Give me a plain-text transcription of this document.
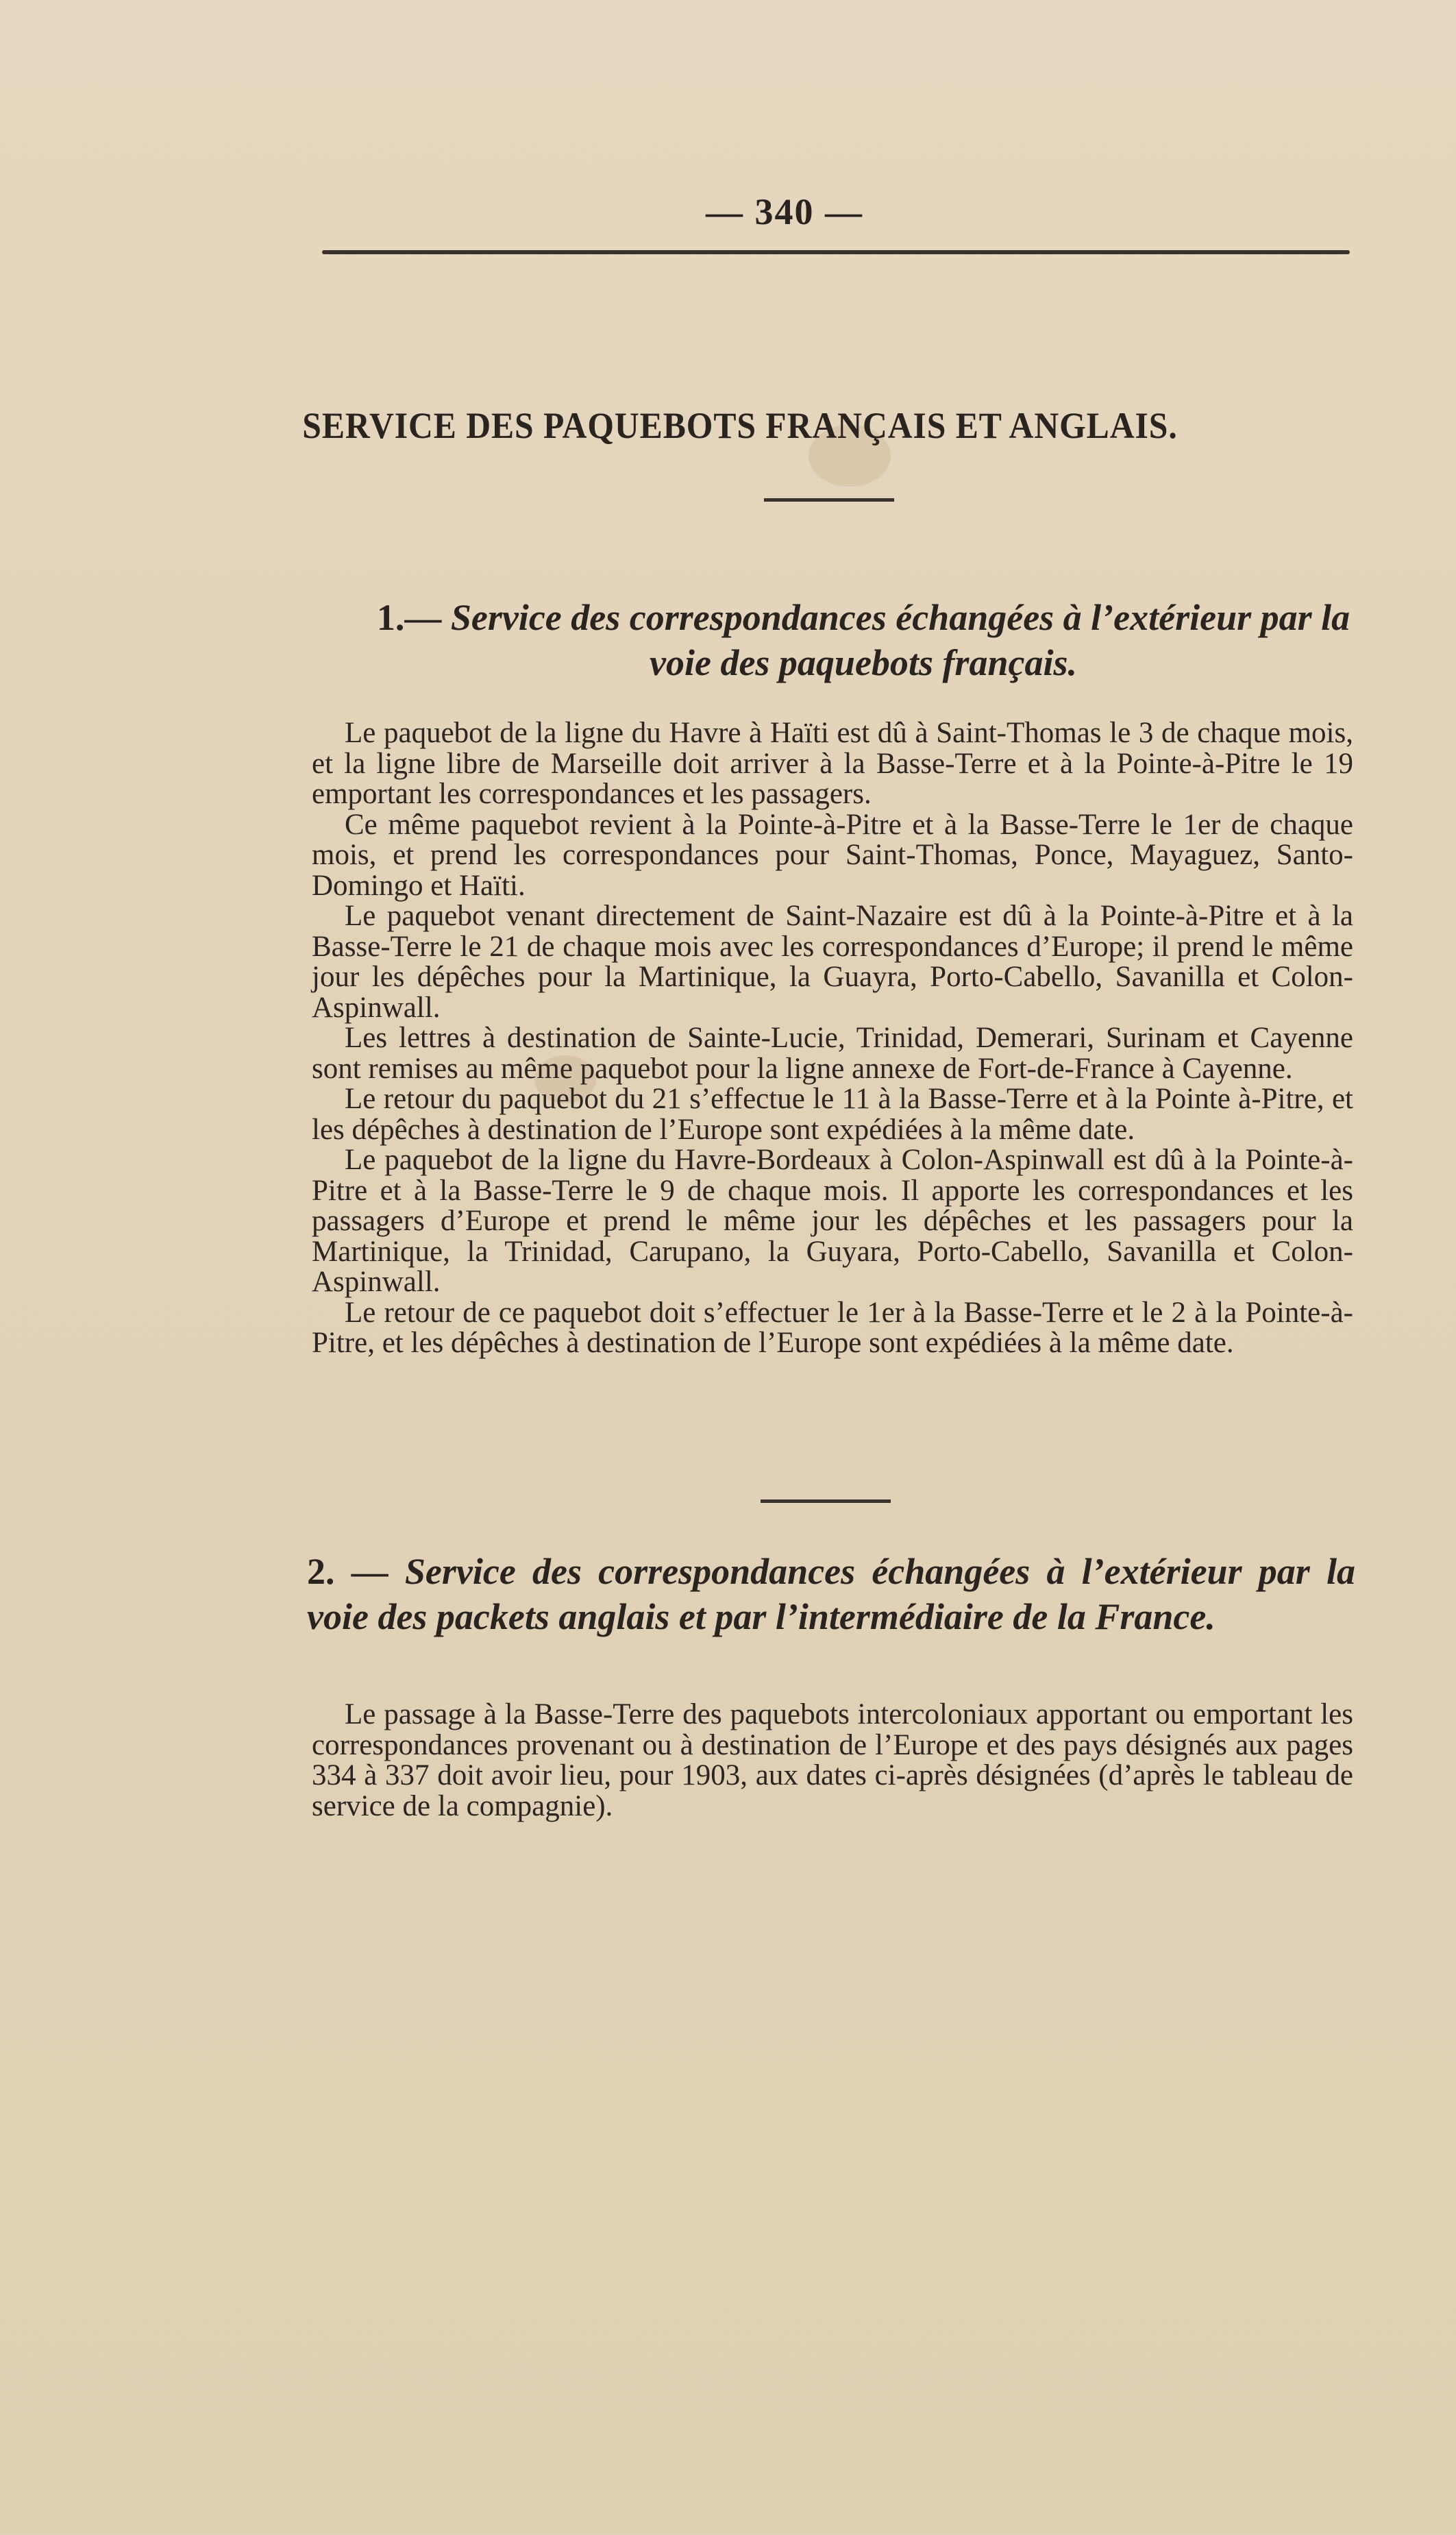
— 340 —
SERVICE DES PAQUEBOTS FRANÇAIS ET ANGLAIS.
1.— Service des correspondances échangées à l’extérieur par la voie des paquebots français.

Le paquebot de la ligne du Havre à Haïti est dû à Saint-Thomas le 3 de chaque mois, et la ligne libre de Marseille doit arriver à la Basse-Terre et à la Pointe-à-Pitre le 19 emportant les correspondances et les passagers.

Ce même paquebot revient à la Pointe-à-Pitre et à la Basse-Terre le 1er de chaque mois, et prend les correspondances pour Saint-Thomas, Ponce, Mayaguez, Santo-Domingo et Haïti.

Le paquebot venant directement de Saint-Nazaire est dû à la Pointe-à-Pitre et à la Basse-Terre le 21 de chaque mois avec les correspondances d’Europe; il prend le même jour les dépêches pour la Martinique, la Guayra, Porto-Cabello, Savanilla et Colon-Aspinwall.

Les lettres à destination de Sainte-Lucie, Trinidad, Demerari, Surinam et Cayenne sont remises au même paquebot pour la ligne annexe de Fort-de-France à Cayenne.

Le retour du paquebot du 21 s’effectue le 11 à la Basse-Terre et à la Pointe à-Pitre, et les dépêches à destination de l’Europe sont expédiées à la même date.

Le paquebot de la ligne du Havre-Bordeaux à Colon-Aspinwall est dû à la Pointe-à-Pitre et à la Basse-Terre le 9 de chaque mois. Il apporte les correspondances et les passagers d’Europe et prend le même jour les dépêches et les passagers pour la Martinique, la Trinidad, Carupano, la Guyara, Porto-Cabello, Savanilla et Colon-Aspinwall.

Le retour de ce paquebot doit s’effectuer le 1er à la Basse-Terre et le 2 à la Pointe-à-Pitre, et les dépêches à destination de l’Europe sont expédiées à la même date.

2. — Service des correspondances échangées à l’extérieur par la voie des packets anglais et par l’intermédiaire de la France.

Le passage à la Basse-Terre des paquebots intercoloniaux apportant ou emportant les correspondances provenant ou à destination de l’Europe et des pays désignés aux pages 334 à 337 doit avoir lieu, pour 1903, aux dates ci-après désignées (d’après le tableau de service de la compagnie).
